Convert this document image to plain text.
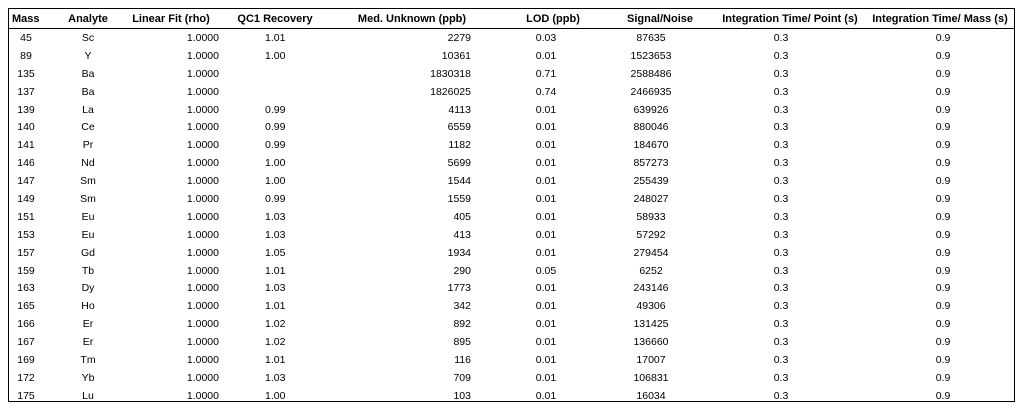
Mass	Analyte	Linear Fit (rho)	QC1 Recovery	Med. Unknown (ppb)	LOD (ppb)	Signal/Noise	Integration Time/ Point (s)	Integration Time/ Mass (s)
45	Sc	1.0000	1.01	2279	0.03	87635	0.3	0.9
89	Y	1.0000	1.00	10361	0.01	1523653	0.3	0.9
135	Ba	1.0000		1830318	0.71	2588486	0.3	0.9
137	Ba	1.0000		1826025	0.74	2466935	0.3	0.9
139	La	1.0000	0.99	4113	0.01	639926	0.3	0.9
140	Ce	1.0000	0.99	6559	0.01	880046	0.3	0.9
141	Pr	1.0000	0.99	1182	0.01	184670	0.3	0.9
146	Nd	1.0000	1.00	5699	0.01	857273	0.3	0.9
147	Sm	1.0000	1.00	1544	0.01	255439	0.3	0.9
149	Sm	1.0000	0.99	1559	0.01	248027	0.3	0.9
151	Eu	1.0000	1.03	405	0.01	58933	0.3	0.9
153	Eu	1.0000	1.03	413	0.01	57292	0.3	0.9
157	Gd	1.0000	1.05	1934	0.01	279454	0.3	0.9
159	Tb	1.0000	1.01	290	0.05	6252	0.3	0.9
163	Dy	1.0000	1.03	1773	0.01	243146	0.3	0.9
165	Ho	1.0000	1.01	342	0.01	49306	0.3	0.9
166	Er	1.0000	1.02	892	0.01	131425	0.3	0.9
167	Er	1.0000	1.02	895	0.01	136660	0.3	0.9
169	Tm	1.0000	1.01	116	0.01	17007	0.3	0.9
172	Yb	1.0000	1.03	709	0.01	106831	0.3	0.9
175	Lu	1.0000	1.00	103	0.01	16034	0.3	0.9
